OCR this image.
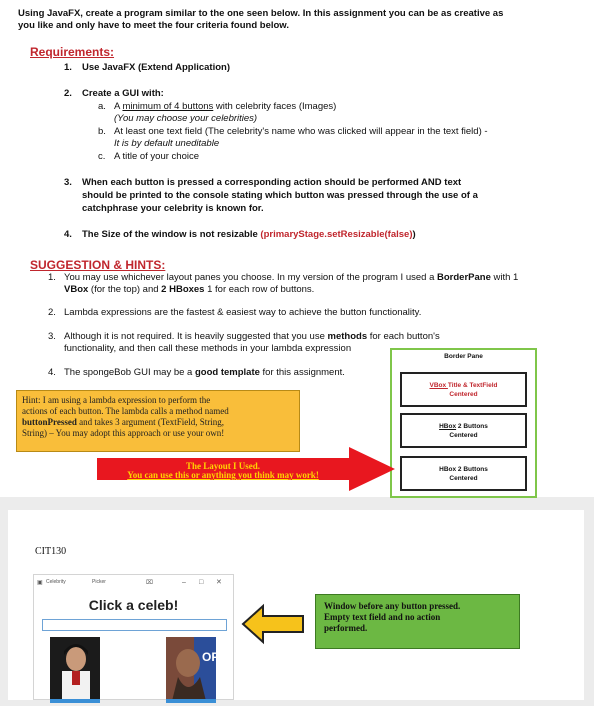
Using JavaFX, create a program similar to the one seen below. In this assignment you can be as creative as
you like and only have to meet the four criteria found below.
Requirements:
1. Use JavaFX (Extend Application)
2. Create a GUI with:
a. A minimum of 4 buttons with celebrity faces (Images)
(You may choose your celebrities)
b. At least one text field (The celebrity's name who was clicked will appear in the text field) -
It is by default uneditable
c. A title of your choice
3. When each button is pressed a corresponding action should be performed AND text
should be printed to the console stating which button was pressed through the use of a
catchphrase your celebrity is known for.
4. The Size of the window is not resizable (primaryStage.setResizable(false))
SUGGESTION & HINTS:
1. You may use whichever layout panes you choose. In my version of the program I used a BorderPane with 1
VBox (for the top) and 2 HBoxes 1 for each row of buttons.
2. Lambda expressions are the fastest & easiest way to achieve the button functionality.
3. Although it is not required. It is heavily suggested that you use methods for each button's
functionality, and then call these methods in your lambda expression
4. The spongeBob GUI may be a good template for this assignment.
Border Pane
VBox Title & TextField
Centered
HBox 2 Buttons
Centered
HBox 2 Buttons
Centered
Hint: I am using a lambda expression to perform the
actions of each button. The lambda calls a method named
buttonPressed and takes 3 argument (TextField, String,
String) – You may adopt this approach or use your own!
The Layout I Used.
You can use this or anything you think may work!
CIT130
▣ Celebrity	Picker	⌧	– □ ✕
Click a celeb!
OF
Window before any button pressed.
Empty text field and no action
performed.
